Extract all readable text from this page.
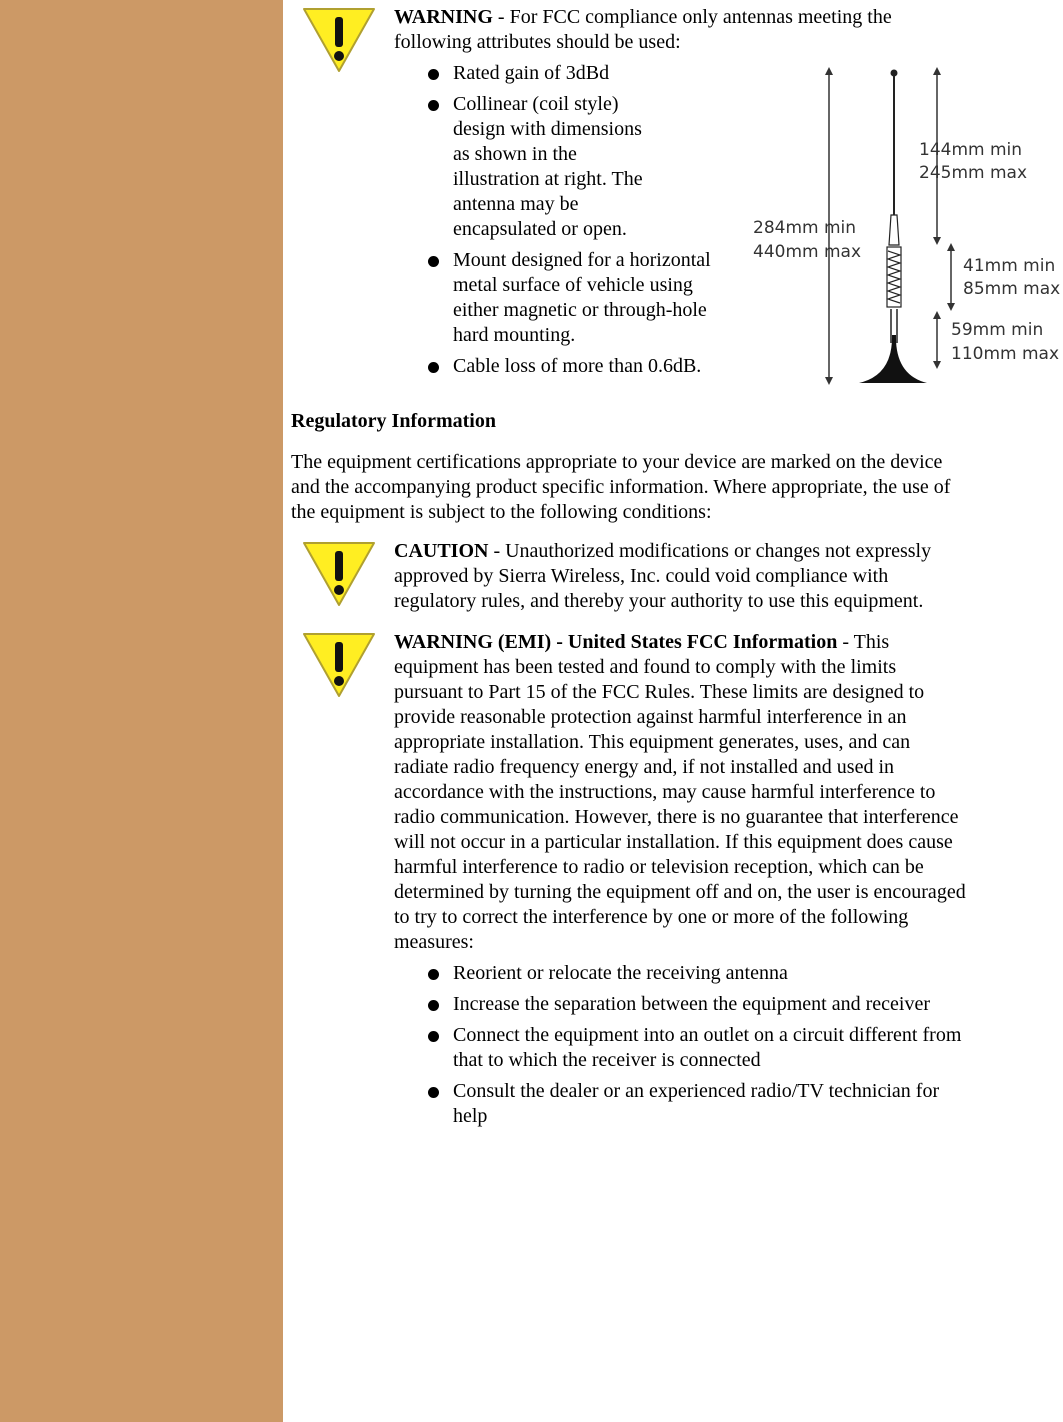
WARNING - For FCC compliance only antennas meeting the following attributes should be used:

284mm min
440mm max
144mm min
245mm max
41mm min
85mm max
59mm min
110mm max
Rated gain of 3dBd
Collinear (coil style) design with dimensions as shown in the illustration at right. The antenna may be encapsulated or open.
Mount designed for a horizontal metal surface of vehicle using either magnetic or through-hole hard mounting.
Cable loss of more than 0.6dB.
Regulatory Information

The equipment certifications appropriate to your device are marked on the device and the accompanying product specific information. Where appropriate, the use of the equipment is subject to the following conditions:

CAUTION - Unauthorized modifications or changes not expressly approved by Sierra Wireless, Inc. could void compliance with regulatory rules, and thereby your authority to use this equipment.

WARNING (EMI) - United States FCC Information - This equipment has been tested and found to comply with the limits pursuant to Part 15 of the FCC Rules. These limits are designed to provide reasonable protection against harmful interference in an appropriate installation. This equipment generates, uses, and can radiate radio frequency energy and, if not installed and used in accordance with the instructions, may cause harmful interference to radio communication. However, there is no guarantee that interference will not occur in a particular installation. If this equipment does cause harmful interference to radio or television reception, which can be determined by turning the equipment off and on, the user is encouraged to try to correct the interference by one or more of the following measures:

Reorient or relocate the receiving antenna
Increase the separation between the equipment and receiver
Connect the equipment into an outlet on a circuit different from that to which the receiver is connected
Consult the dealer or an experienced radio/TV technician for help
